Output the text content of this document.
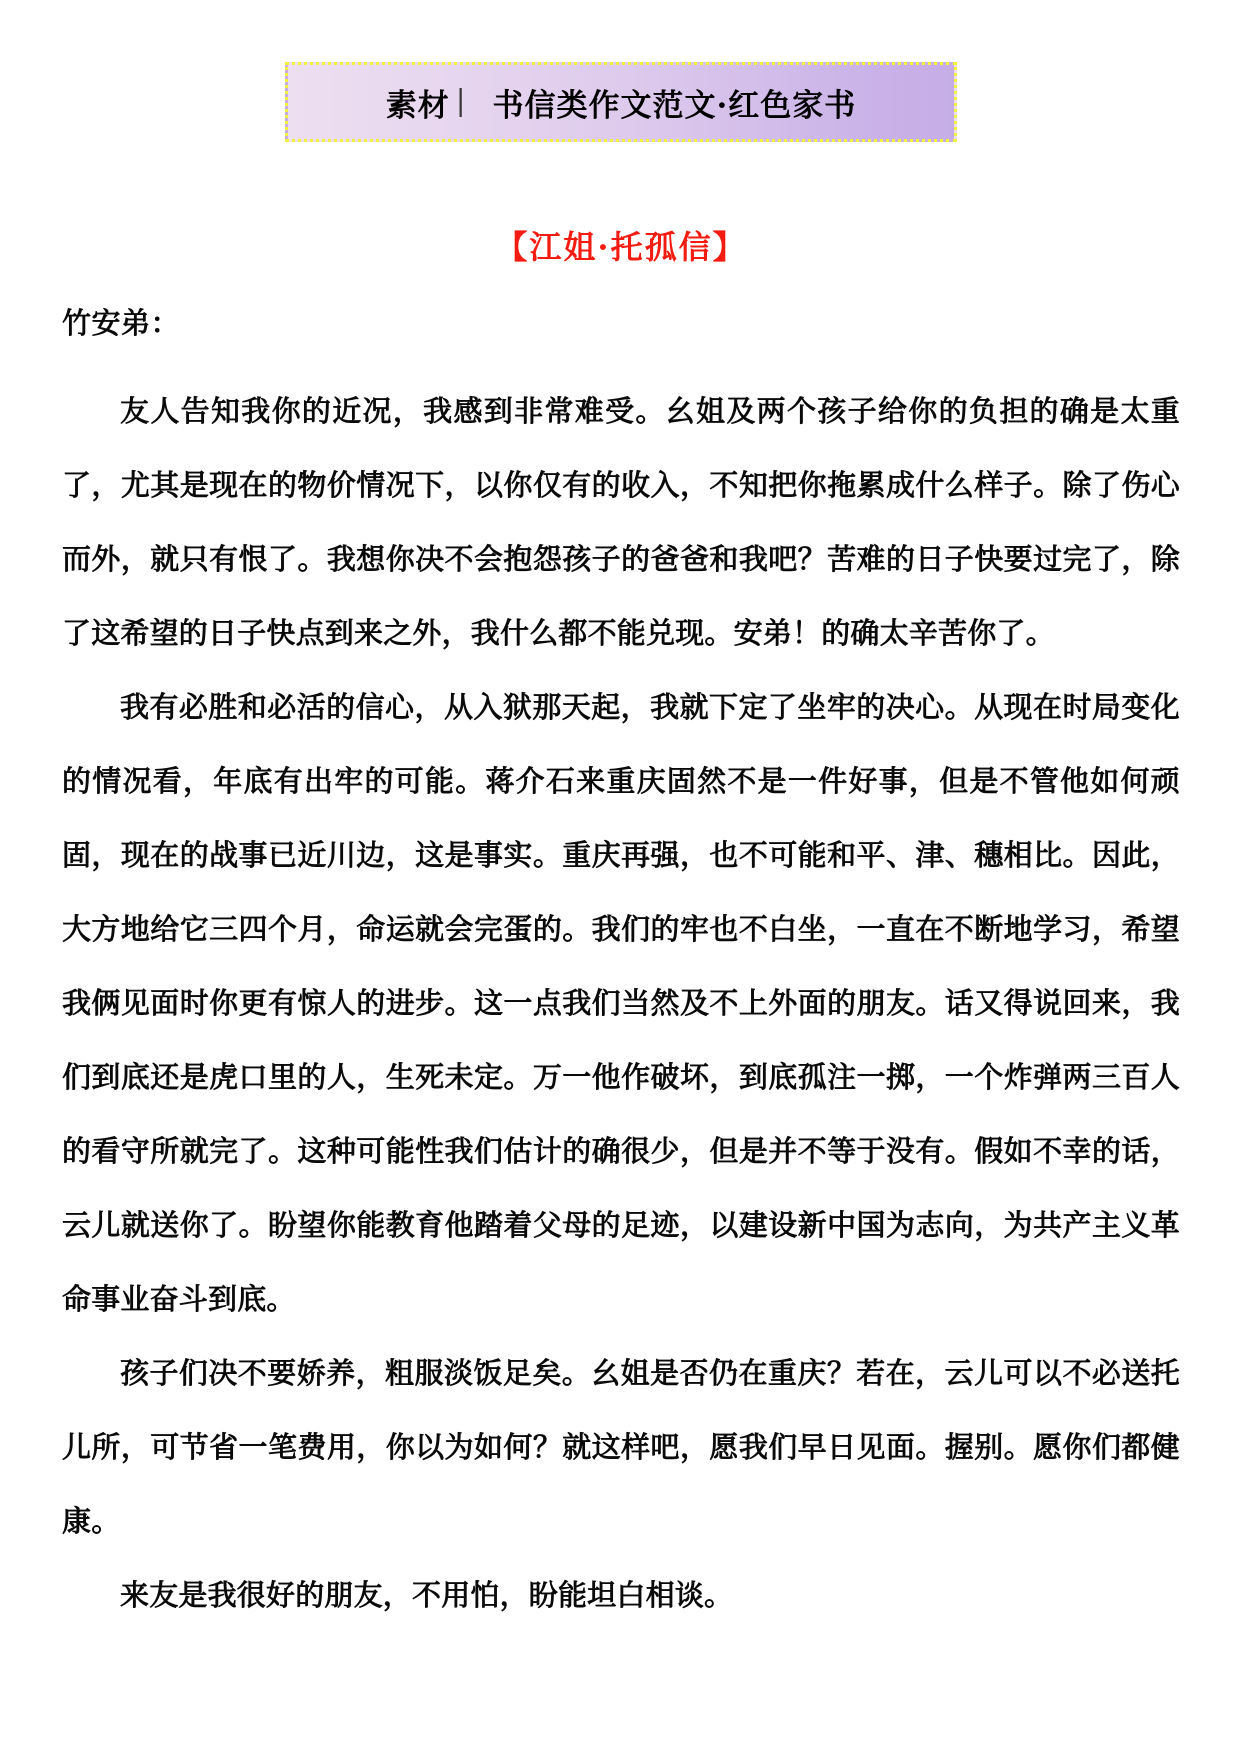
素材 | 书信类作文范文·红色家书
【江姐·托孤信】
竹安弟：

友人告知我你的近况，我感到非常难受。幺姐及两个孩子给你的负担的确是太重了，尤其是现在的物价情况下，以你仅有的收入，不知把你拖累成什么样子。除了伤心而外，就只有恨了。我想你决不会抱怨孩子的爸爸和我吧？苦难的日子快要过完了，除了这希望的日子快点到来之外，我什么都不能兑现。安弟！的确太辛苦你了。

我有必胜和必活的信心，从入狱那天起，我就下定了坐牢的决心。从现在时局变化的情况看，年底有出牢的可能。蒋介石来重庆固然不是一件好事，但是不管他如何顽固，现在的战事已近川边，这是事实。重庆再强，也不可能和平、津、穗相比。因此，大方地给它三四个月，命运就会完蛋的。我们的牢也不白坐，一直在不断地学习，希望我俩见面时你更有惊人的进步。这一点我们当然及不上外面的朋友。话又得说回来，我们到底还是虎口里的人，生死未定。万一他作破坏，到底孤注一掷，一个炸弹两三百人的看守所就完了。这种可能性我们估计的确很少，但是并不等于没有。假如不幸的话，云儿就送你了。盼望你能教育他踏着父母的足迹，以建设新中国为志向，为共产主义革命事业奋斗到底。

孩子们决不要娇养，粗服淡饭足矣。幺姐是否仍在重庆？若在，云儿可以不必送托儿所，可节省一笔费用，你以为如何？就这样吧，愿我们早日见面。握别。愿你们都健康。

来友是我很好的朋友，不用怕，盼能坦白相谈。
